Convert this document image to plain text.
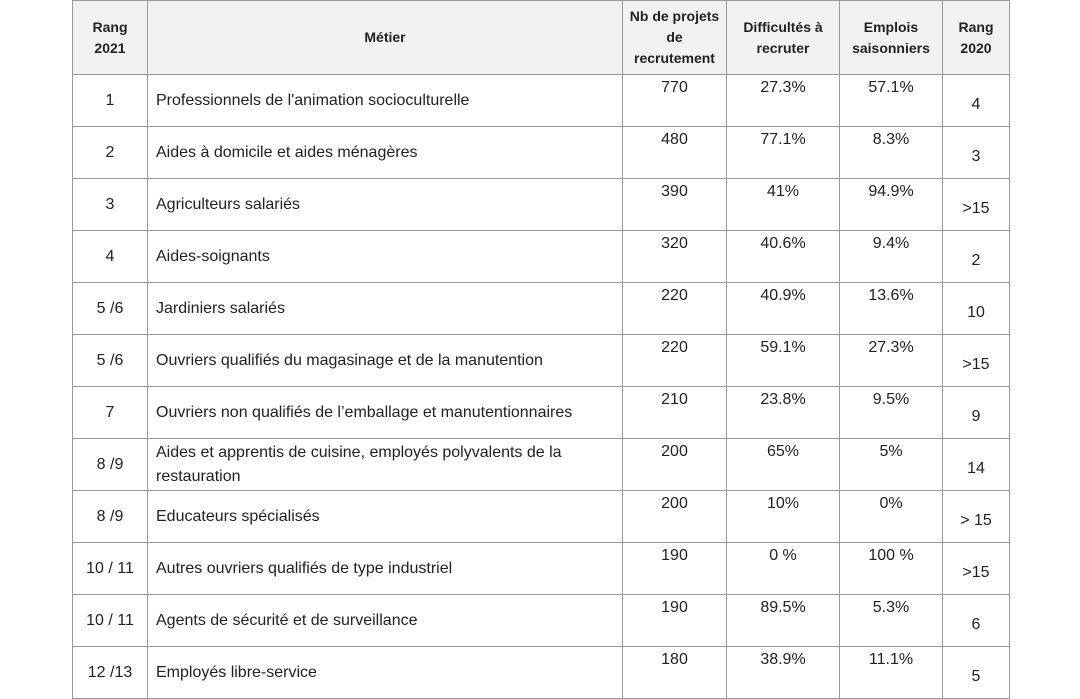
Rang 2021	Métier	Nb de projets de recrutement	Difficultés à recruter	Emplois saisonniers	Rang 2020
1	Professionnels de l'animation socioculturelle	770	27.3%	57.1%	4
2	Aides à domicile et aides ménagères	480	77.1%	8.3%	3
3	Agriculteurs salariés	390	41%	94.9%	>15
4	Aides-soignants	320	40.6%	9.4%	2
5 /6	Jardiniers salariés	220	40.9%	13.6%	10
5 /6	Ouvriers qualifiés du magasinage et de la manutention	220	59.1%	27.3%	>15
7	Ouvriers non qualifiés de l’emballage et manutentionnaires	210	23.8%	9.5%	9
8 /9	Aides et apprentis de cuisine, employés polyvalents de la restauration	200	65%	5%	14
8 /9	Educateurs spécialisés	200	10%	0%	> 15
10 / 11	Autres ouvriers qualifiés de type industriel	190	0 %	100 %	>15
10 / 11	Agents de sécurité et de surveillance	190	89.5%	5.3%	6
12 /13	Employés libre-service	180	38.9%	11.1%	5
